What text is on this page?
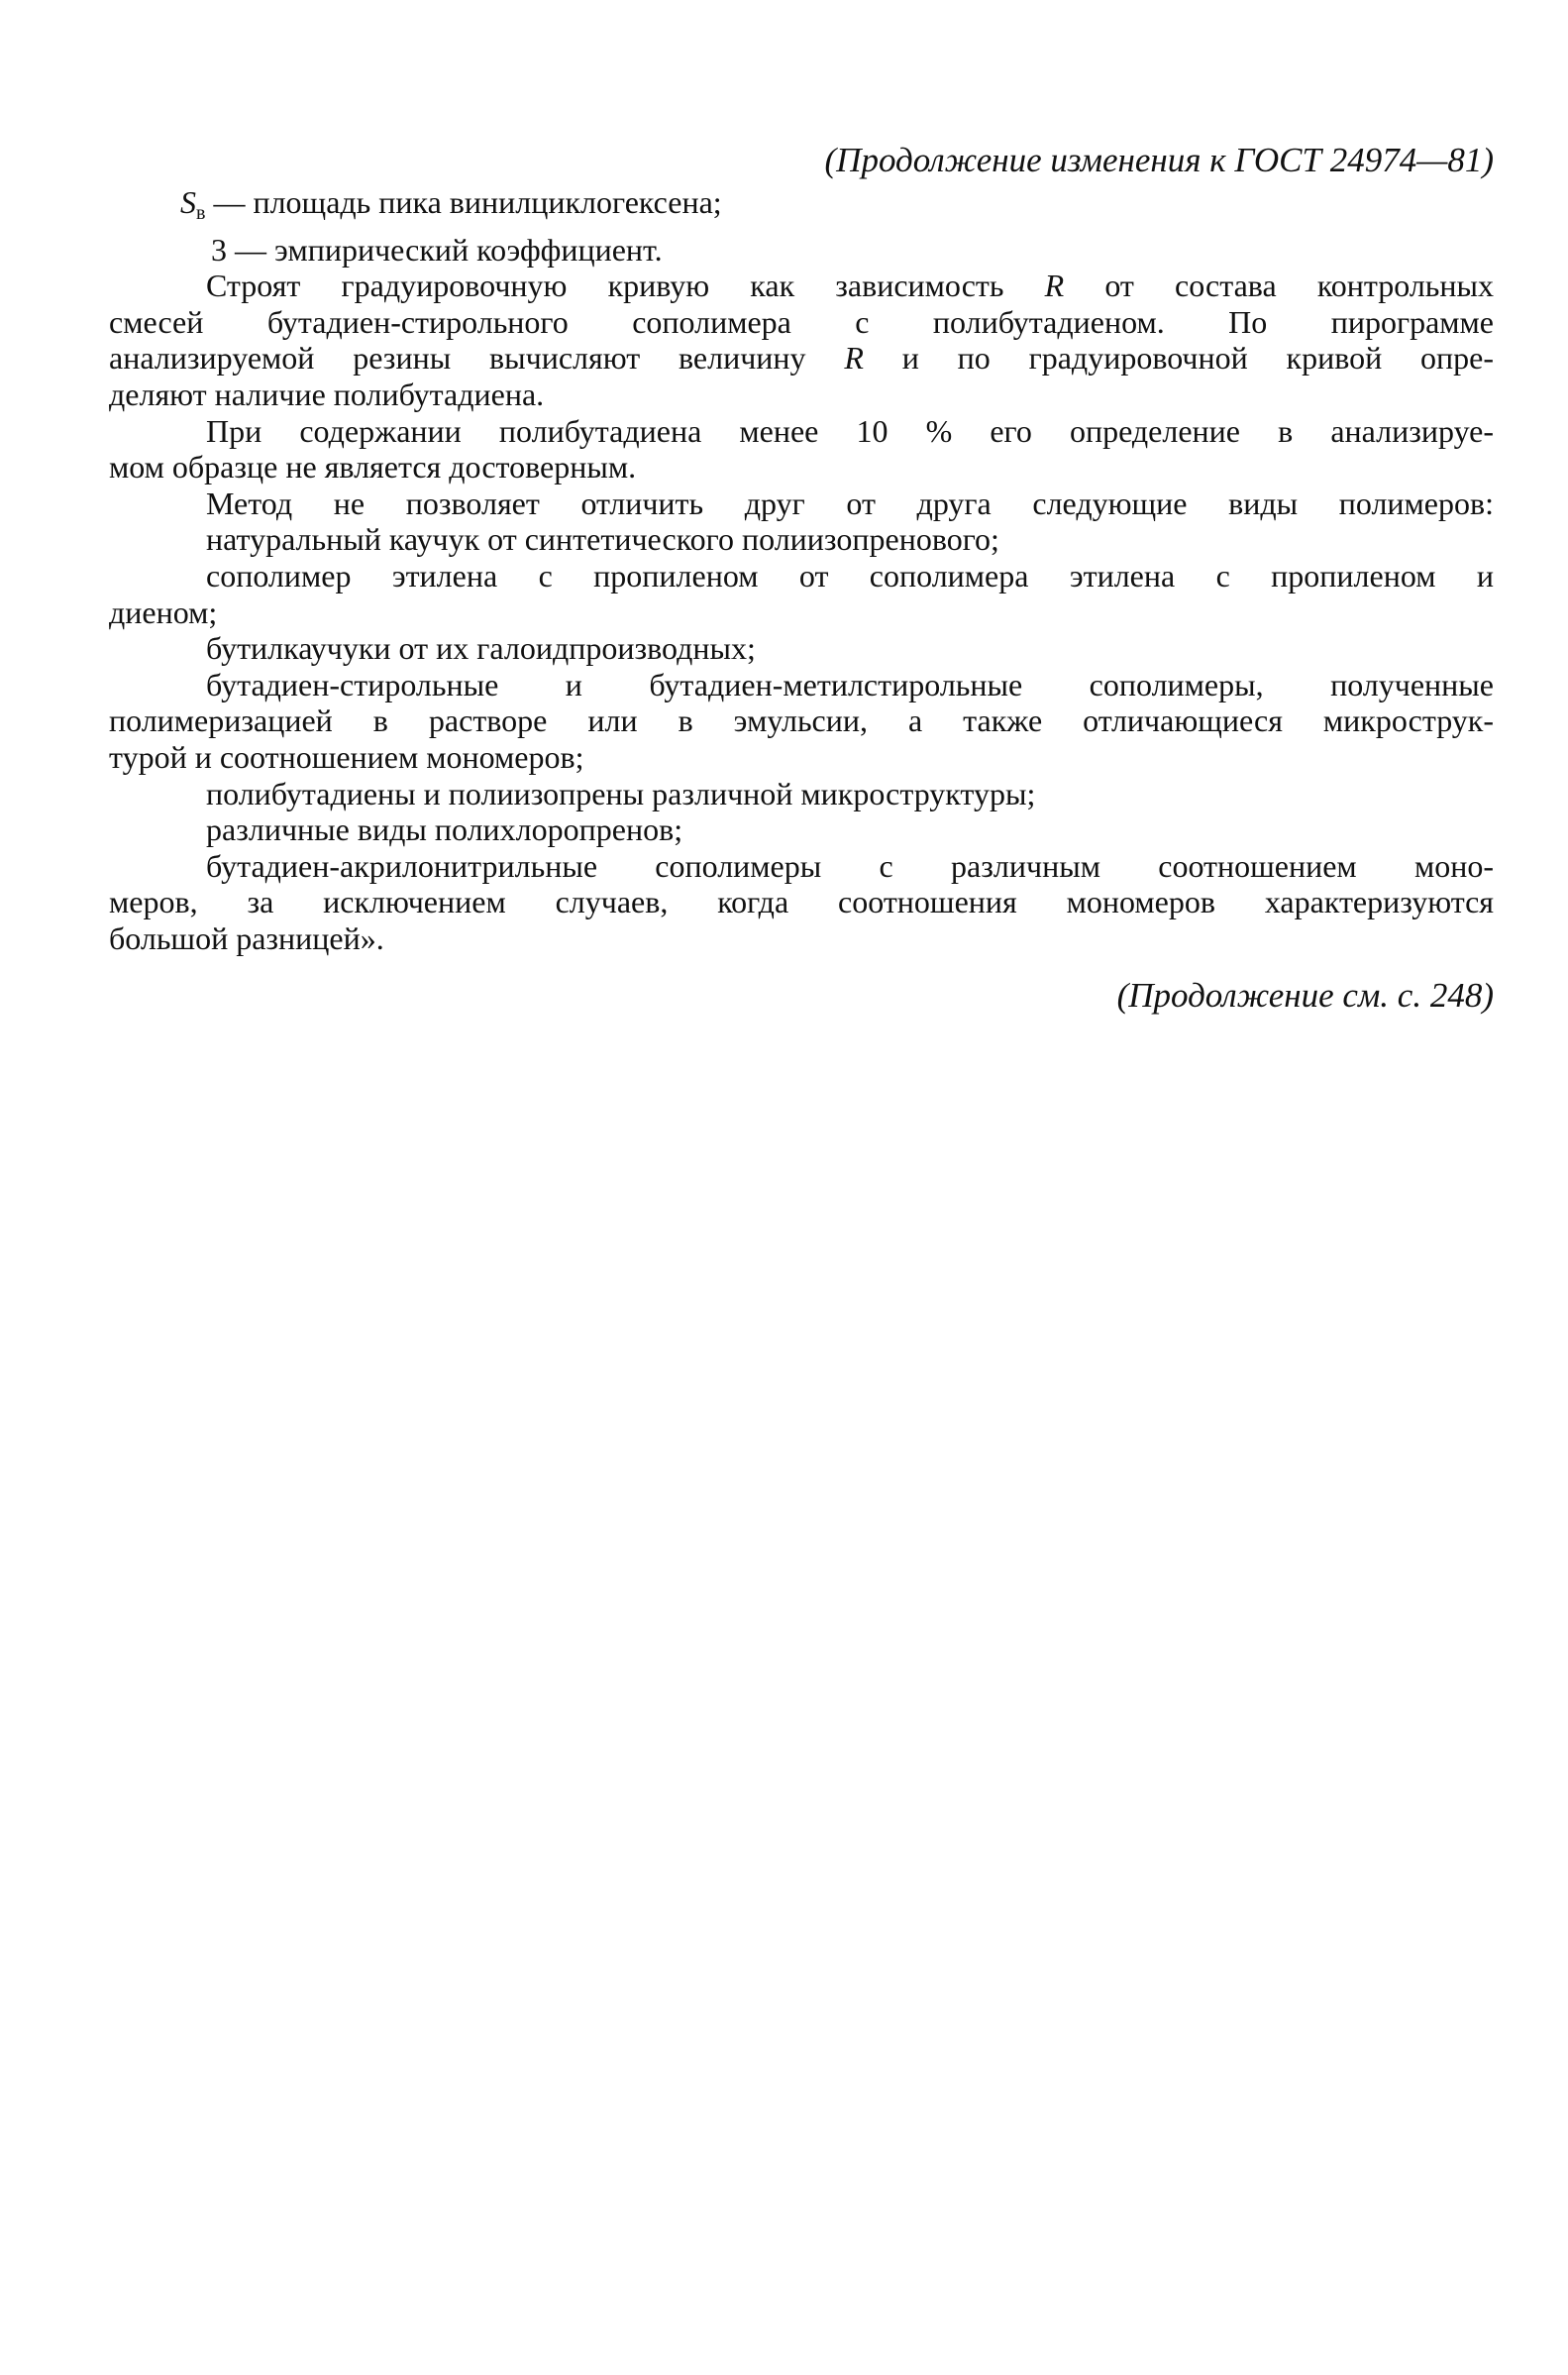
(Продолжение изменения к ГОСТ 24974—81)
$S_в$ — площадь пика винилциклогексена;
3 — эмпирический коэффициент.
Строят градуировочную кривую как зависимость R от состава контрольных
смесей бутадиен-стирольного сополимера с полибутадиеном. По пирограмме
анализируемой резины вычисляют величину R и по градуировочной кривой опре-
деляют наличие полибутадиена.
При содержании полибутадиена менее 10 % его определение в анализируе-
мом образце не является достоверным.
Метод не позволяет отличить друг от друга следующие виды полимеров:
натуральный каучук от синтетического полиизопренового;
сополимер этилена с пропиленом от сополимера этилена с пропиленом и
диеном;
бутилкаучуки от их галоидпроизводных;
бутадиен-стирольные и бутадиен-метилстирольные сополимеры, полученные
полимеризацией в растворе или в эмульсии, а также отличающиеся микрострук-
турой и соотношением мономеров;
полибутадиены и полиизопрены различной микроструктуры;
различные виды полихлоропренов;
бутадиен-акрилонитрильные сополимеры с различным соотношением моно-
меров, за исключением случаев, когда соотношения мономеров характеризуются
большой разницей».
(Продолжение см. с. 248)
